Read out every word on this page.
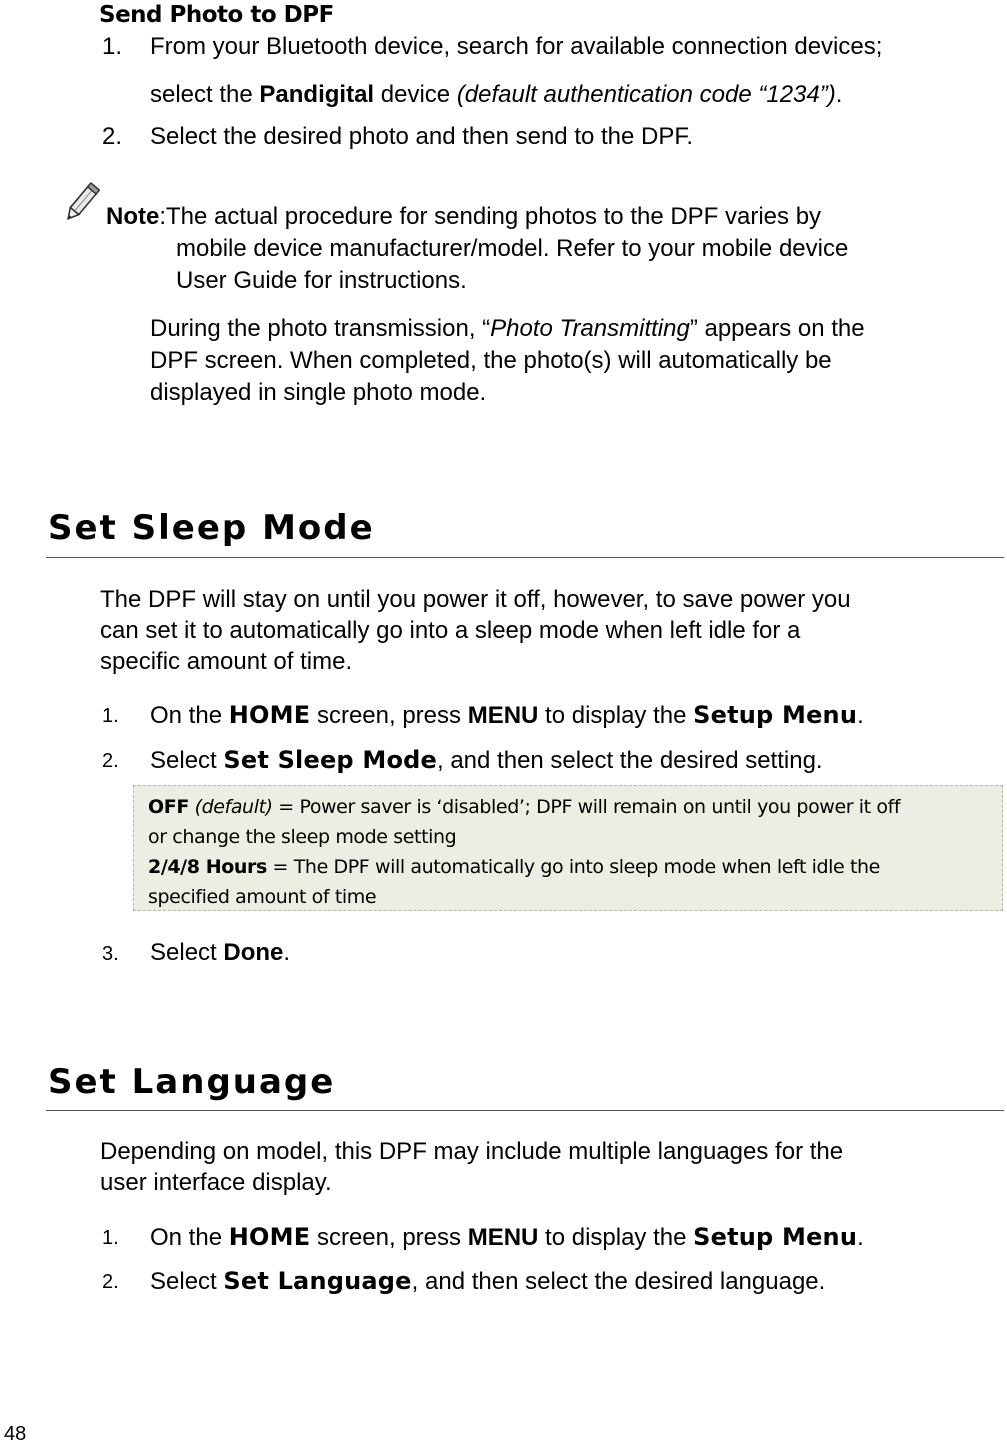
Send Photo to DPF
1. From your Bluetooth device, search for available connection devices;
select the Pandigital device (default authentication code “1234”).
2. Select the desired photo and then send to the DPF.
Note:The actual procedure for sending photos to the DPF varies by
mobile device manufacturer/model. Refer to your mobile device
User Guide for instructions.
During the photo transmission, “Photo Transmitting” appears on the
DPF screen. When completed, the photo(s) will automatically be
displayed in single photo mode.
Set Sleep Mode
The DPF will stay on until you power it off, however, to save power you
can set it to automatically go into a sleep mode when left idle for a
specific amount of time.
1. On the HOME screen, press MENU to display the Setup Menu.
2. Select Set Sleep Mode, and then select the desired setting.
OFF (default) = Power saver is ‘disabled’; DPF will remain on until you power it off
or change the sleep mode setting
2/4/8 Hours = The DPF will automatically go into sleep mode when left idle the
specified amount of time
3. Select Done.
Set Language
Depending on model, this DPF may include multiple languages for the
user interface display.
1. On the HOME screen, press MENU to display the Setup Menu.
2. Select Set Language, and then select the desired language.
48
